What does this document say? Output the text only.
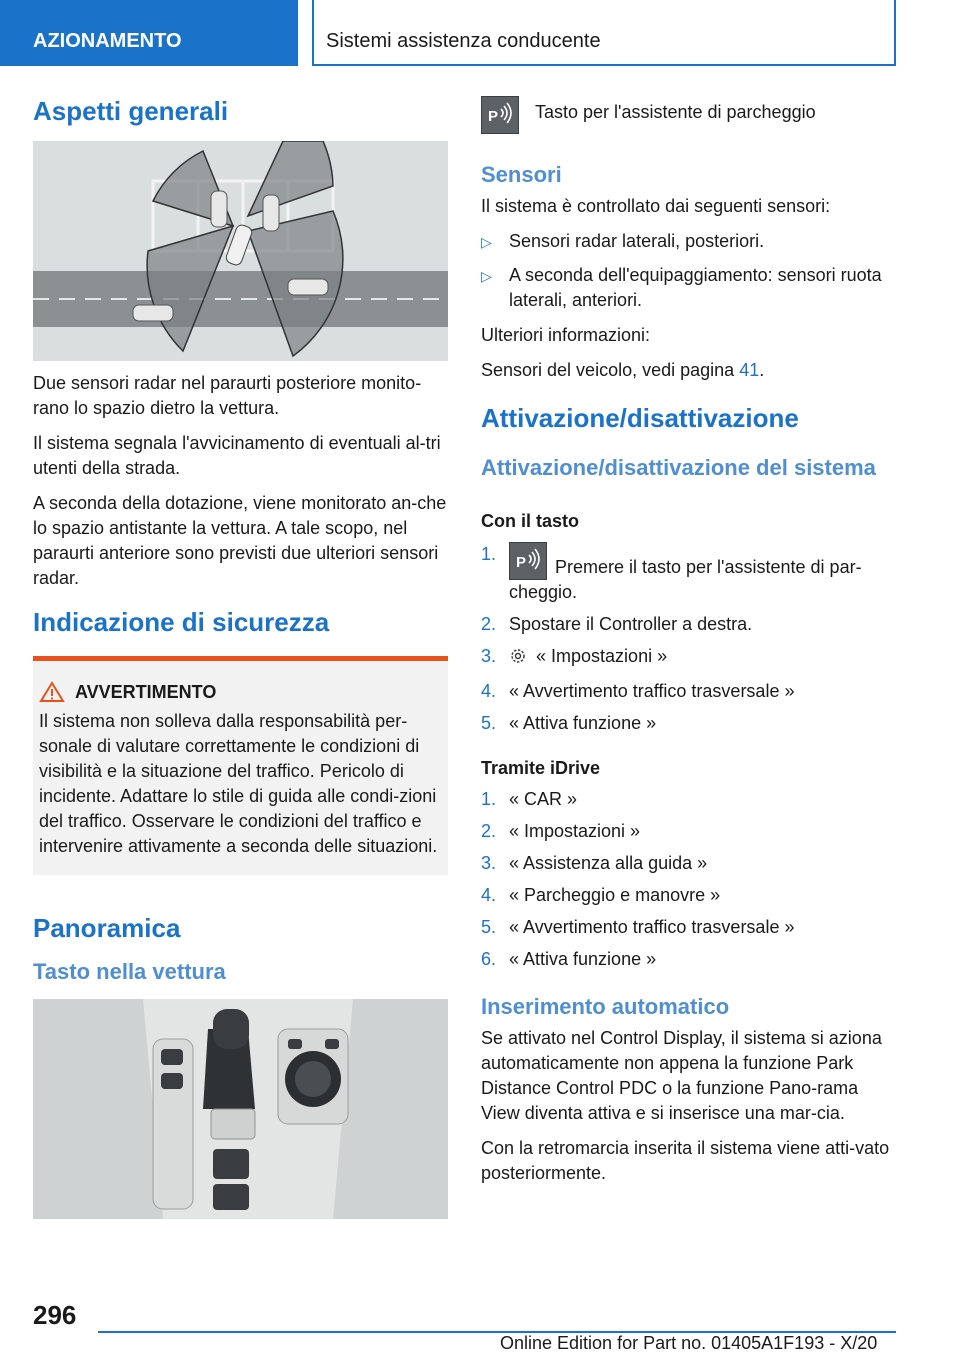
AZIONAMENTO	Sistemi assistenza conducente
Aspetti generali

Due sensori radar nel paraurti posteriore monito-rano lo spazio dietro la vettura.

Il sistema segnala l'avvicinamento di eventuali al-tri utenti della strada.

A seconda della dotazione, viene monitorato an-che lo spazio antistante la vettura. A tale scopo, nel paraurti anteriore sono previsti due ulteriori sensori radar.

Indicazione di sicurezza
AVVERTIMENTO

Il sistema non solleva dalla responsabilità per-sonale di valutare correttamente le condizioni di visibilità e la situazione del traffico. Pericolo di incidente. Adattare lo stile di guida alle condi-zioni del traffico. Osservare le condizioni del traffico e intervenire attivamente a seconda delle situazioni.

Panoramica
Tasto nella vettura
P Tasto per l'assistente di parcheggio

Sensori

Il sistema è controllato dai seguenti sensori:

▷ Sensori radar laterali, posteriori.
▷ A seconda dell'equipaggiamento: sensori ruota laterali, anteriori.

Ulteriori informazioni:

Sensori del veicolo, vedi pagina 41.

Attivazione/disattivazione
Attivazione/disattivazione del sistema
Con il tasto
1.	P Premere il tasto per l'assistente di par-cheggio.
2. Spostare il Controller a destra.
3.	« Impostazioni »
4. « Avvertimento traffico trasversale »
5. « Attiva funzione »
Tramite iDrive
1. « CAR »
2. « Impostazioni »
3. « Assistenza alla guida »
4. « Parcheggio e manovre »
5. « Avvertimento traffico trasversale »
6. « Attiva funzione »
Inserimento automatico

Se attivato nel Control Display, il sistema si aziona automaticamente non appena la funzione Park Distance Control PDC o la funzione Pano-rama View diventa attiva e si inserisce una mar-cia.

Con la retromarcia inserita il sistema viene atti-vato posteriormente.

296
Online Edition for Part no. 01405A1F193 - X/20
